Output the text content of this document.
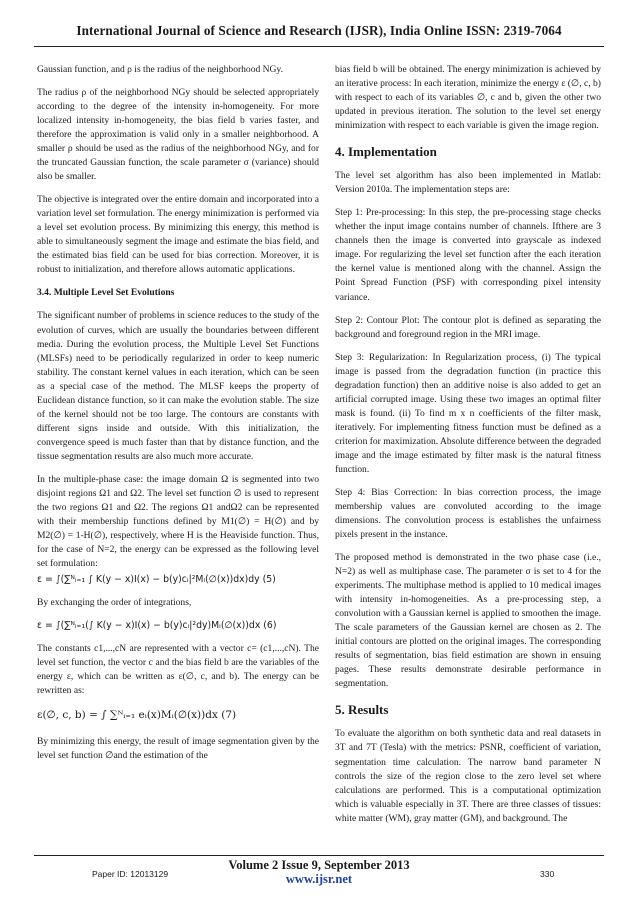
International Journal of Science and Research (IJSR), India Online ISSN: 2319-7064

Gaussian function, and ρ is the radius of the neighborhood NGy.

The radius ρ of the neighborhood NGy should be selected appropriately according to the degree of the intensity in-homogeneity. For more localized intensity in-homogeneity, the bias field b varies faster, and therefore the approximation is valid only in a smaller neighborhood. A smaller ρ should be used as the radius of the neighborhood NGy, and for the truncated Gaussian function, the scale parameter σ (variance) should also be smaller.

The objective is integrated over the entire domain and incorporated into a variation level set formulation. The energy minimization is performed via a level set evolution process. By minimizing this energy, this method is able to simultaneously segment the image and estimate the bias field, and the estimated bias field can be used for bias correction. Moreover, it is robust to initialization, and therefore allows automatic applications.

3.4. Multiple Level Set Evolutions

The significant number of problems in science reduces to the study of the evolution of curves, which are usually the boundaries between different media. During the evolution process, the Multiple Level Set Functions (MLSFs) need to be periodically regularized in order to keep numeric stability. The constant kernel values in each iteration, which can be seen as a special case of the method. The MLSF keeps the property of Euclidean distance function, so it can make the evolution stable. The size of the kernel should not be too large. The contours are constants with different signs inside and outside. With this initialization, the convergence speed is much faster than that by distance function, and the tissue segmentation results are also much more accurate.

In the multiple-phase case: the image domain Ω is segmented into two disjoint regions Ω1 and Ω2. The level set function ∅ is used to represent the two regions Ω1 and Ω2. The regions Ω1 andΩ2 can be represented with their membership functions defined by M1(∅) = H(∅) and by M2(∅) = 1-H(∅), respectively, where H is the Heaviside function. Thus, for the case of N=2, the energy can be expressed as the following level set formulation:

ε = ∫(∑ᴺᵢ₌₁ ∫ K(y − x)I(x) − b(y)cᵢ|²Mᵢ(∅(x))dx)dy (5)

By exchanging the order of integrations,

ε = ∫(∑ᴺᵢ₌₁(∫ K(y − x)I(x) − b(y)cᵢ|²dy)Mᵢ(∅(x))dx (6)

The constants c1,...,cN are represented with a vector c= (c1,...,cN). The level set function, the vector c and the bias field b are the variables of the energy ε, which can be written as ε(∅, c, and b). The energy can be rewritten as:

ε(∅, c, b) = ∫ ∑ᴺᵢ₌₁ eᵢ(x)Mᵢ(∅(x))dx (7)

By minimizing this energy, the result of image segmentation given by the level set function ∅and the estimation of the

bias field b will be obtained. The energy minimization is achieved by an iterative process: In each iteration, minimize the energy ε (∅, c, b) with respect to each of its variables ∅, c and b, given the other two updated in previous iteration. The solution to the level set energy minimization with respect to each variable is given the image region.

4. Implementation

The level set algorithm has also been implemented in Matlab: Version 2010a. The implementation steps are:

Step 1: Pre-processing: In this step, the pre-processing stage checks whether the input image contains number of channels. Ifthere are 3 channels then the image is converted into grayscale as indexed image. For regularizing the level set function after the each iteration the kernel value is mentioned along with the channel. Assign the Point Spread Function (PSF) with corresponding pixel intensity variance.

Step 2: Contour Plot: The contour plot is defined as separating the background and foreground region in the MRI image.

Step 3: Regularization: In Regularization process, (i) The typical image is passed from the degradation function (in practice this degradation function) then an additive noise is also added to get an artificial corrupted image. Using these two images an optimal filter mask is found. (ii) To find m x n coefficients of the filter mask, iteratively. For implementing fitness function must be defined as a criterion for maximization. Absolute difference between the degraded image and the image estimated by filter mask is the natural fitness function.

Step 4: Bias Correction: In bias correction process, the image membership values are convoluted according to the image dimensions. The convolution process is establishes the unfairness pixels present in the instance.

The proposed method is demonstrated in the two phase case (i.e., N=2) as well as multiphase case. The parameter σ is set to 4 for the experiments. The multiphase method is applied to 10 medical images with intensity in-homogeneities. As a pre-processing step, a convolution with a Gaussian kernel is applied to smoothen the image. The scale parameters of the Gaussian kernel are chosen as 2. The initial contours are plotted on the original images. The corresponding results of segmentation, bias field estimation are shown in ensuing pages. These results demonstrate desirable performance in segmentation.

5. Results

To evaluate the algorithm on both synthetic data and real datasets in 3T and 7T (Tesla) with the metrics: PSNR, coefficient of variation, segmentation time calculation. The narrow band parameter N controls the size of the region close to the zero level set where calculations are performed. This is a computational optimization which is valuable especially in 3T. There are three classes of tissues: white matter (WM), gray matter (GM), and background. The

Volume 2 Issue 9, September 2013
www.ijsr.net
Paper ID: 12013129	330
